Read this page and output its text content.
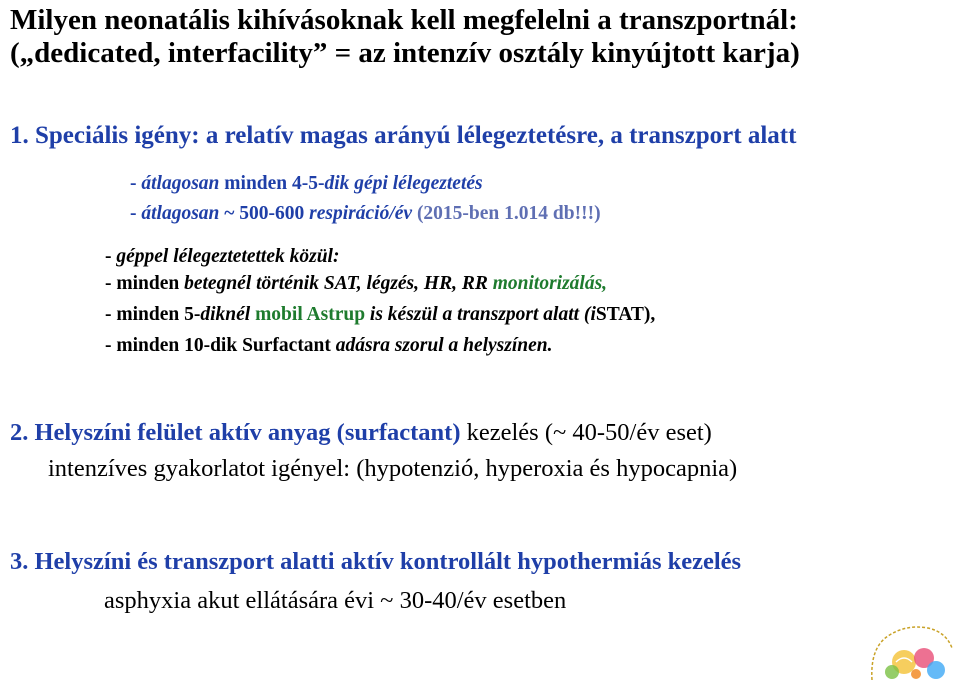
Milyen neonatális kihívásoknak kell megfelelni a transzportnál:
(„dedicated, interfacility” = az intenzív osztály kinyújtott karja)
1. Speciális igény: a relatív magas arányú lélegeztetésre, a transzport alatt
- átlagosan minden 4-5-dik gépi lélegeztetés
- átlagosan ~ 500-600 respiráció/év (2015-ben 1.014 db!!!)
- géppel lélegeztetettek közül:
- minden betegnél történik SAT, légzés, HR, RR monitorizálás,
- minden 5-diknél mobil Astrup is készül a transzport alatt (iSTAT),
- minden 10-dik Surfactant adásra szorul a helyszínen.
2. Helyszíni felület aktív anyag (surfactant) kezelés (~ 40-50/év eset)
intenzíves gyakorlatot igényel: (hypotenzió, hyperoxia és hypocapnia)
3. Helyszíni és transzport alatti aktív kontrollált hypothermiás kezelés
asphyxia akut ellátására évi ~ 30-40/év esetben
